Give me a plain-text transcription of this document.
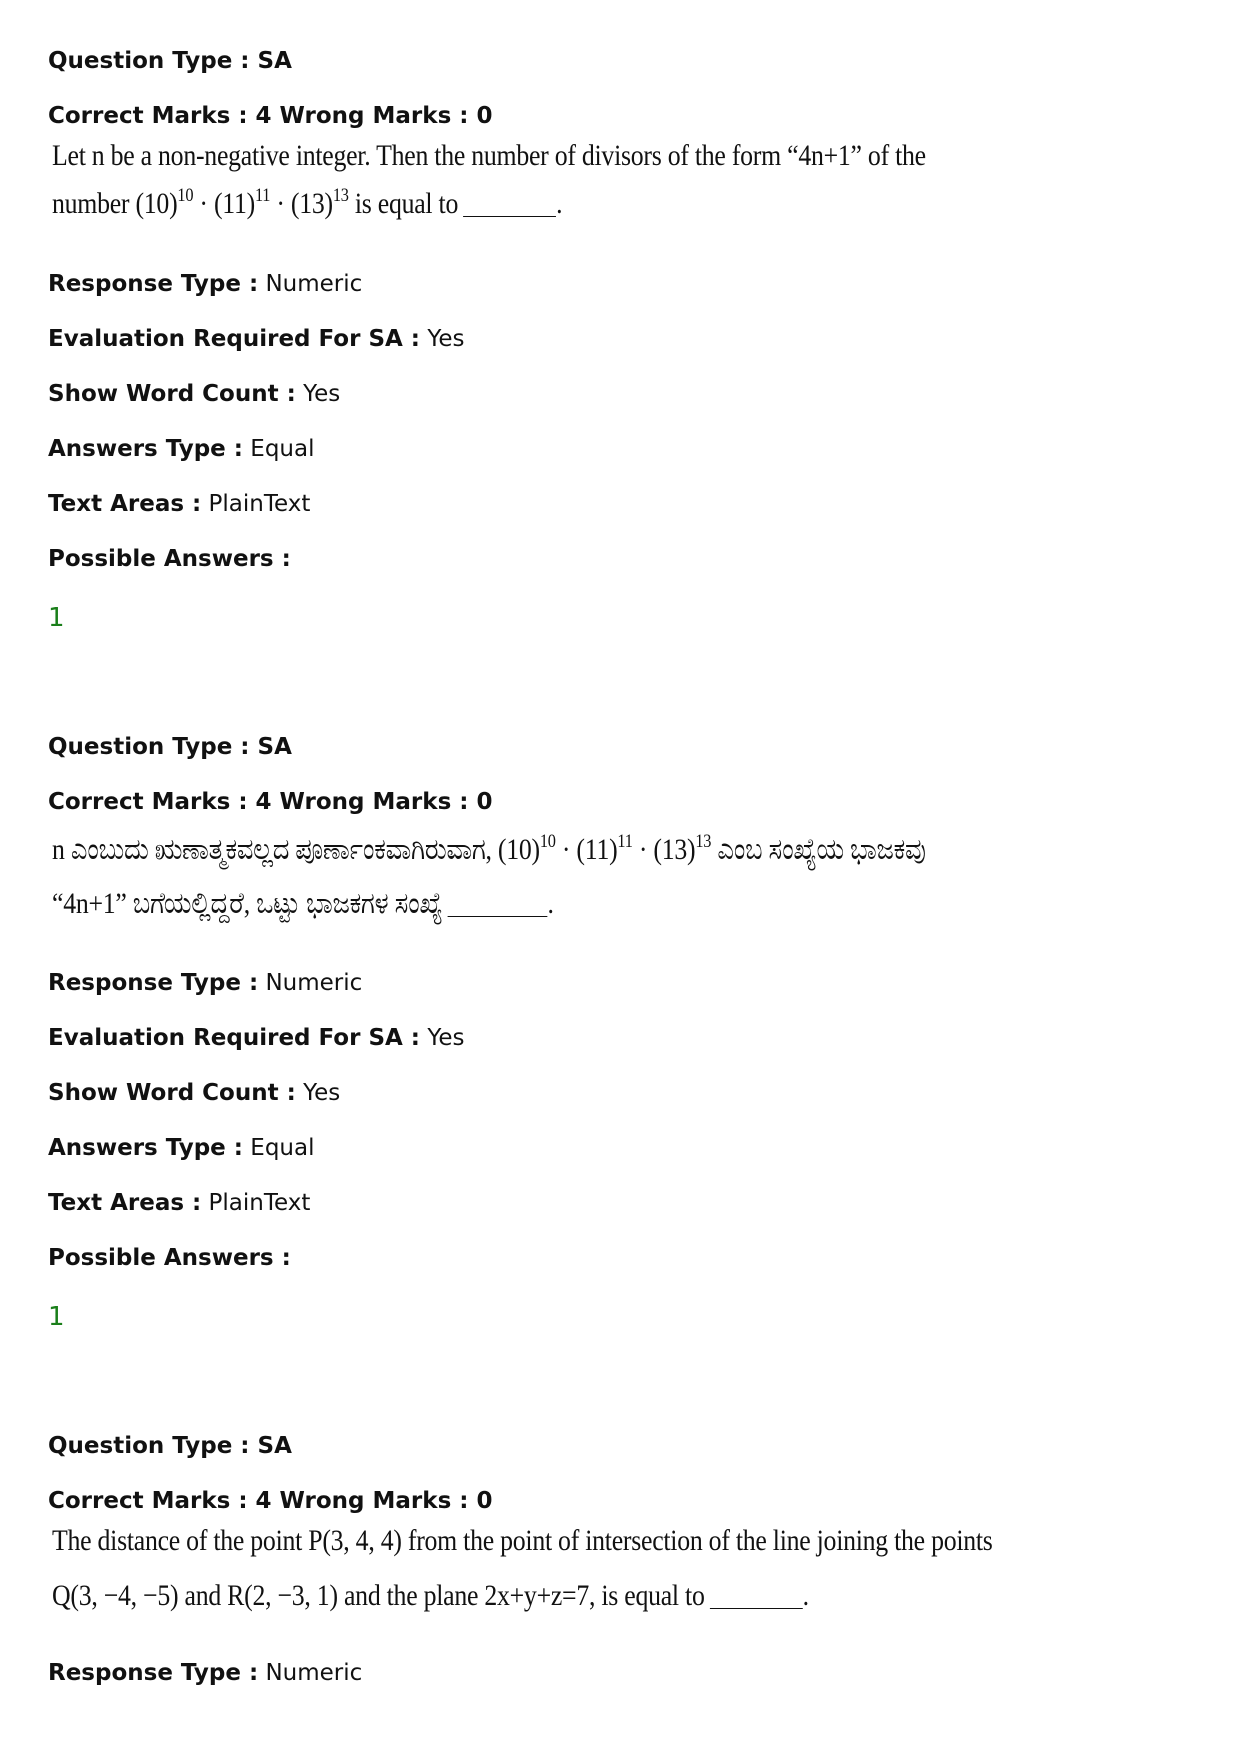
Question Type : SA
Correct Marks : 4 Wrong Marks : 0
Let n be a non-negative integer. Then the number of divisors of the form “4n+1” of the
number $(10)^{10} \cdot (11)^{11} \cdot (13)^{13}$ is equal to	.
Response Type : Numeric
Evaluation Required For SA : Yes
Show Word Count : Yes
Answers Type : Equal
Text Areas : PlainText
Possible Answers :
1
Question Type : SA
Correct Marks : 4 Wrong Marks : 0
n ಎಂಬುದು ಋಣಾತ್ಮಕವಲ್ಲದ ಪೂರ್ಣಾಂಕವಾಗಿರುವಾಗ, $(10)^{10} \cdot (11)^{11} \cdot (13)^{13}$ ಎಂಬ ಸಂಖ್ಯೆಯ ಭಾಜಕವು
“4n+1” ಬಗೆಯಲ್ಲಿದ್ದರೆ, ಒಟ್ಟು ಭಾಜಕಗಳ ಸಂಖ್ಯೆ	.
Response Type : Numeric
Evaluation Required For SA : Yes
Show Word Count : Yes
Answers Type : Equal
Text Areas : PlainText
Possible Answers :
1
Question Type : SA
Correct Marks : 4 Wrong Marks : 0
The distance of the point P(3, 4, 4) from the point of intersection of the line joining the points
Q(3, −4, −5) and R(2, −3, 1) and the plane 2x+y+z=7, is equal to	.
Response Type : Numeric
